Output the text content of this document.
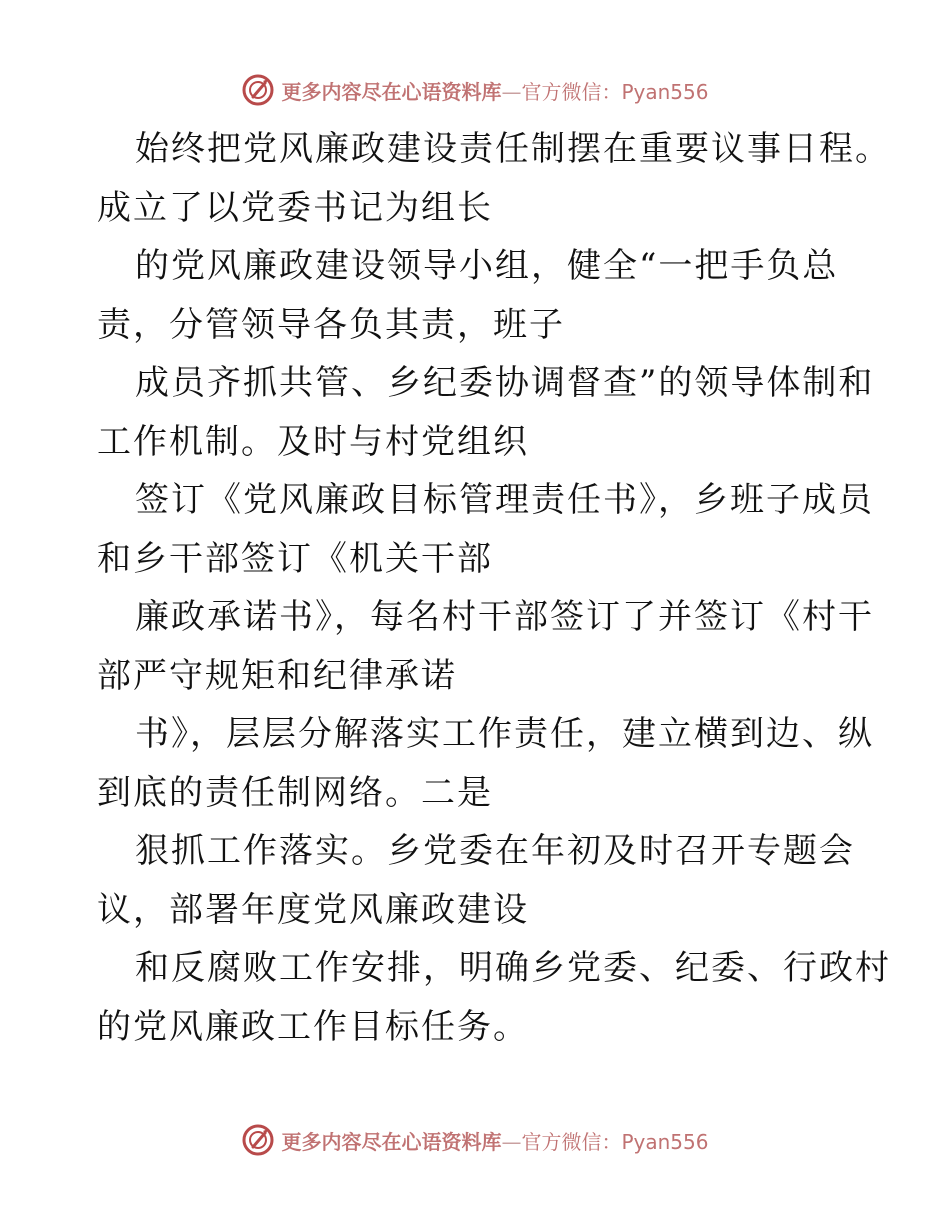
更多内容尽在心语资料库—官方微信：Pyan556
始终把党风廉政建设责任制摆在重要议事日程。
成立了以党委书记为组长
的党风廉政建设领导小组，健全“一把手负总
责，分管领导各负其责，班子
成员齐抓共管、乡纪委协调督查”的领导体制和
工作机制。及时与村党组织
签订《党风廉政目标管理责任书》，乡班子成员
和乡干部签订《机关干部
廉政承诺书》，每名村干部签订了并签订《村干
部严守规矩和纪律承诺
书》，层层分解落实工作责任，建立横到边、纵
到底的责任制网络。二是
狠抓工作落实。乡党委在年初及时召开专题会
议，部署年度党风廉政建设
和反腐败工作安排，明确乡党委、纪委、行政村
的党风廉政工作目标任务。
更多内容尽在心语资料库—官方微信：Pyan556
